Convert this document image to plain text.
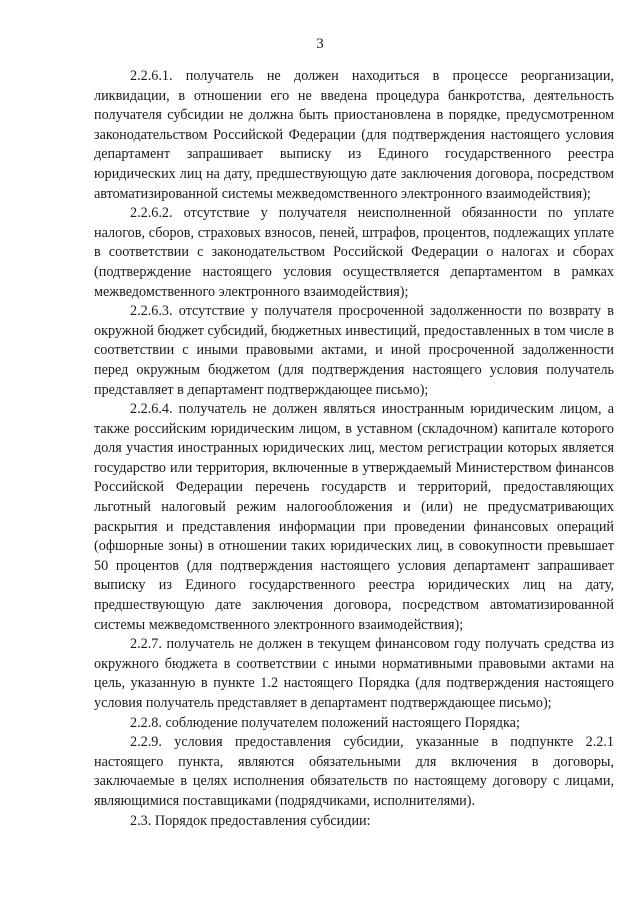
3

2.2.6.1. получатель не должен находиться в процессе реорганизации, ликвидации, в отношении его не введена процедура банкротства, деятельность получателя субсидии не должна быть приостановлена в порядке, предусмотренном законодательством Российской Федерации (для подтверждения настоящего условия департамент запрашивает выписку из Единого государственного реестра юридических лиц на дату, предшествующую дате заключения договора, посредством автоматизированной системы межведомственного электронного взаимодействия);

2.2.6.2. отсутствие у получателя неисполненной обязанности по уплате налогов, сборов, страховых взносов, пеней, штрафов, процентов, подлежащих уплате в соответствии с законодательством Российской Федерации о налогах и сборах (подтверждение настоящего условия осуществляется департаментом в рамках межведомственного электронного взаимодействия);

2.2.6.3. отсутствие у получателя просроченной задолженности по возврату в окружной бюджет субсидий, бюджетных инвестиций, предоставленных в том числе в соответствии с иными правовыми актами, и иной просроченной задолженности перед окружным бюджетом (для подтверждения настоящего условия получатель представляет в департамент подтверждающее письмо);

2.2.6.4. получатель не должен являться иностранным юридическим лицом, а также российским юридическим лицом, в уставном (складочном) капитале которого доля участия иностранных юридических лиц, местом регистрации которых является государство или территория, включенные в утверждаемый Министерством финансов Российской Федерации перечень государств и территорий, предоставляющих льготный налоговый режим налогообложения и (или) не предусматривающих раскрытия и представления информации при проведении финансовых операций (офшорные зоны) в отношении таких юридических лиц, в совокупности превышает 50 процентов (для подтверждения настоящего условия департамент запрашивает выписку из Единого государственного реестра юридических лиц на дату, предшествующую дате заключения договора, посредством автоматизированной системы межведомственного электронного взаимодействия);

2.2.7. получатель не должен в текущем финансовом году получать средства из окружного бюджета в соответствии с иными нормативными правовыми актами на цель, указанную в пункте 1.2 настоящего Порядка (для подтверждения настоящего условия получатель представляет в департамент подтверждающее письмо);

2.2.8. соблюдение получателем положений настоящего Порядка;

2.2.9. условия предоставления субсидии, указанные в подпункте 2.2.1 настоящего пункта, являются обязательными для включения в договоры, заключаемые в целях исполнения обязательств по настоящему договору с лицами, являющимися поставщиками (подрядчиками, исполнителями).

2.3. Порядок предоставления субсидии:
